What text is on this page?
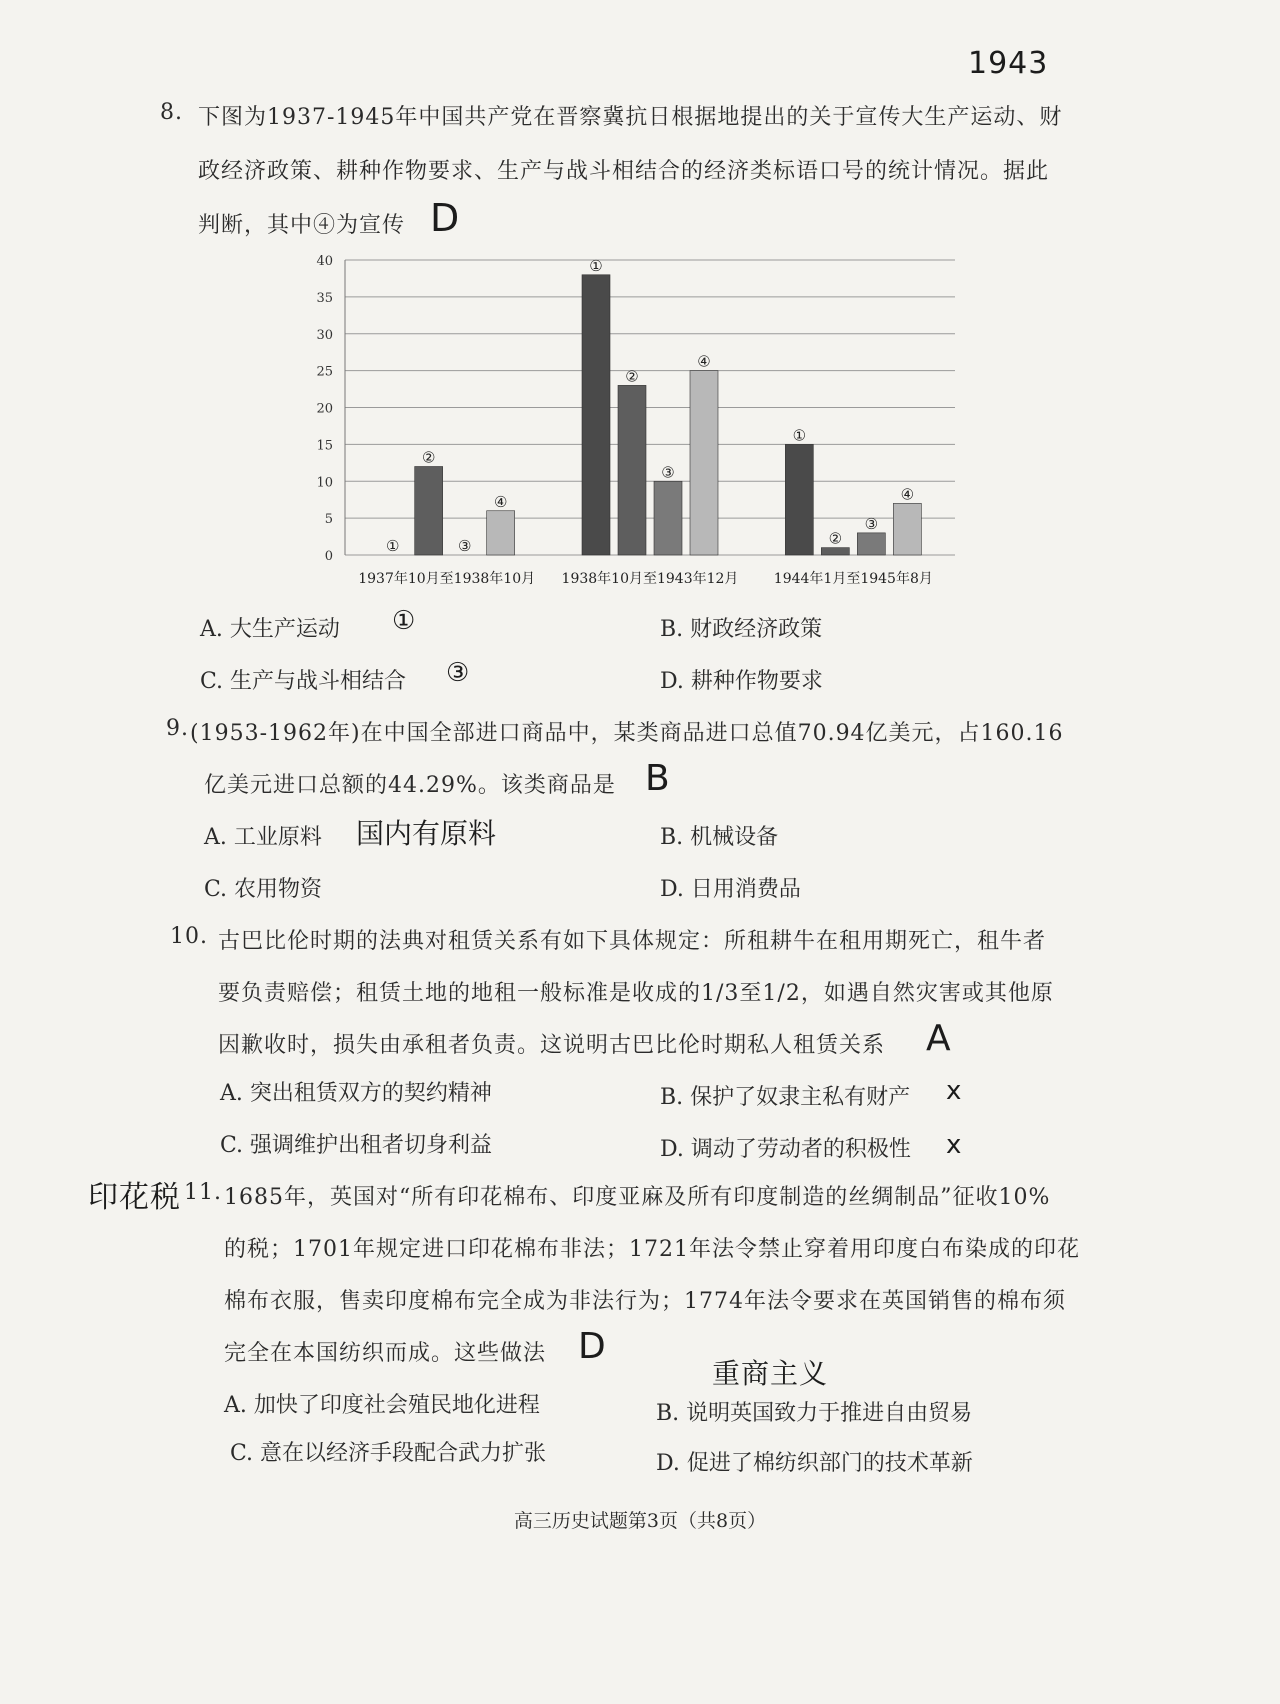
8. 下图为1937-1945年中国共产党在晋察冀抗日根据地提出的关于宣传大生产运动、财
1943
政经济政策、耕种作物要求、生产与战斗相结合的经济类标语口号的统计情况。据此
判断，其中④为宣传 D
0
5
10
15
20
25
30
35
40
①
②
③
④
①
②
③
④
①
②
③
④
1937年10月至1938年10月 1938年10月至1943年12月	1944年1月至1945年8月
A. 大生产运动 ①	B. 财政经济政策
C. 生产与战斗相结合 ③	D. 耕种作物要求
9. (1953-1962年)在中国全部进口商品中，某类商品进口总值70.94亿美元，占160.16
亿美元进口总额的44.29%。该类商品是 B
A. 工业原料 国内有原料	B. 机械设备
C. 农用物资	D. 日用消费品
10. 古巴比伦时期的法典对租赁关系有如下具体规定：所租耕牛在租用期死亡，租牛者
要负责赔偿；租赁土地的地租一般标准是收成的1/3至1/2，如遇自然灾害或其他原
因歉收时，损失由承租者负责。这说明古巴比伦时期私人租赁关系 A
A. 突出租赁双方的契约精神	B. 保护了奴隶主私有财产 x
C. 强调维护出租者切身利益	D. 调动了劳动者的积极性 x
印花税 11. 1685年，英国对“所有印花棉布、印度亚麻及所有印度制造的丝绸制品”征收10%
的税；1701年规定进口印花棉布非法；1721年法令禁止穿着用印度白布染成的印花
棉布衣服，售卖印度棉布完全成为非法行为；1774年法令要求在英国销售的棉布须
完全在本国纺织而成。这些做法 D
重商主义
A. 加快了印度社会殖民地化进程	B. 说明英国致力于推进自由贸易
C. 意在以经济手段配合武力扩张	D. 促进了棉纺织部门的技术革新
高三历史试题第3页（共8页）
